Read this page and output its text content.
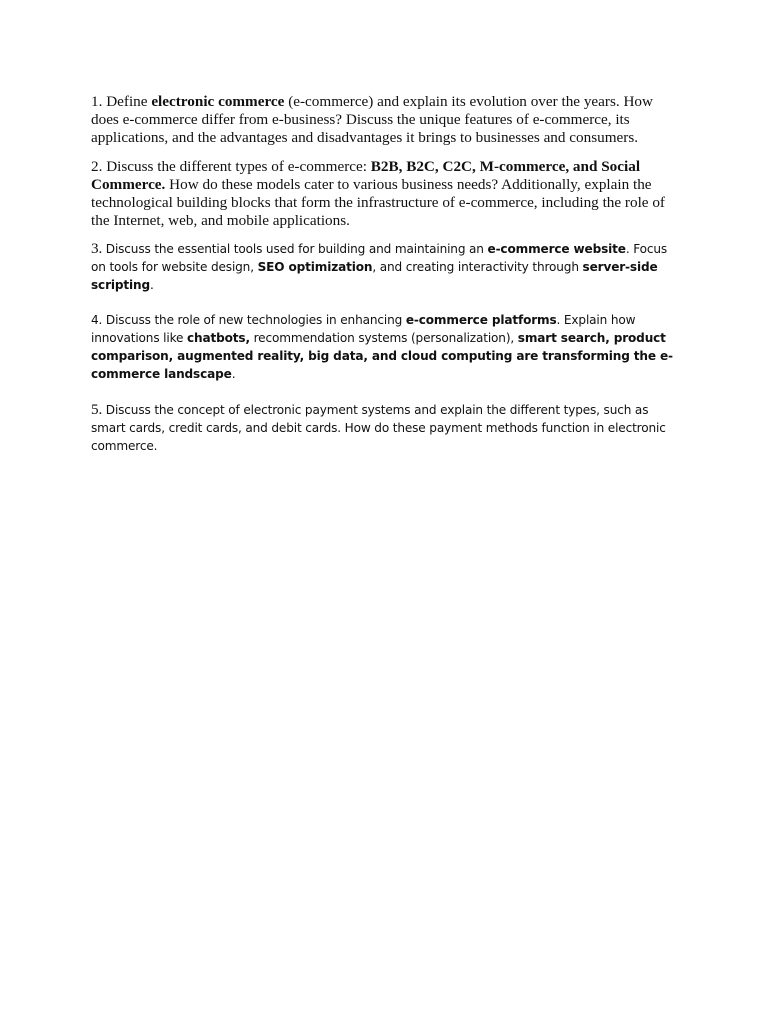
1. Define electronic commerce (e-commerce) and explain its evolution over the years. How does e-commerce differ from e-business? Discuss the unique features of e-commerce, its applications, and the advantages and disadvantages it brings to businesses and consumers.

2. Discuss the different types of e-commerce: B2B, B2C, C2C, M-commerce, and Social Commerce. How do these models cater to various business needs? Additionally, explain the technological building blocks that form the infrastructure of e-commerce, including the role of the Internet, web, and mobile applications.

3. Discuss the essential tools used for building and maintaining an e-commerce website. Focus on tools for website design, SEO optimization, and creating interactivity through server-side scripting.

4. Discuss the role of new technologies in enhancing e-commerce platforms. Explain how innovations like chatbots, recommendation systems (personalization), smart search, product comparison, augmented reality, big data, and cloud computing are transforming the e-commerce landscape.

5. Discuss the concept of electronic payment systems and explain the different types, such as smart cards, credit cards, and debit cards. How do these payment methods function in electronic commerce.
